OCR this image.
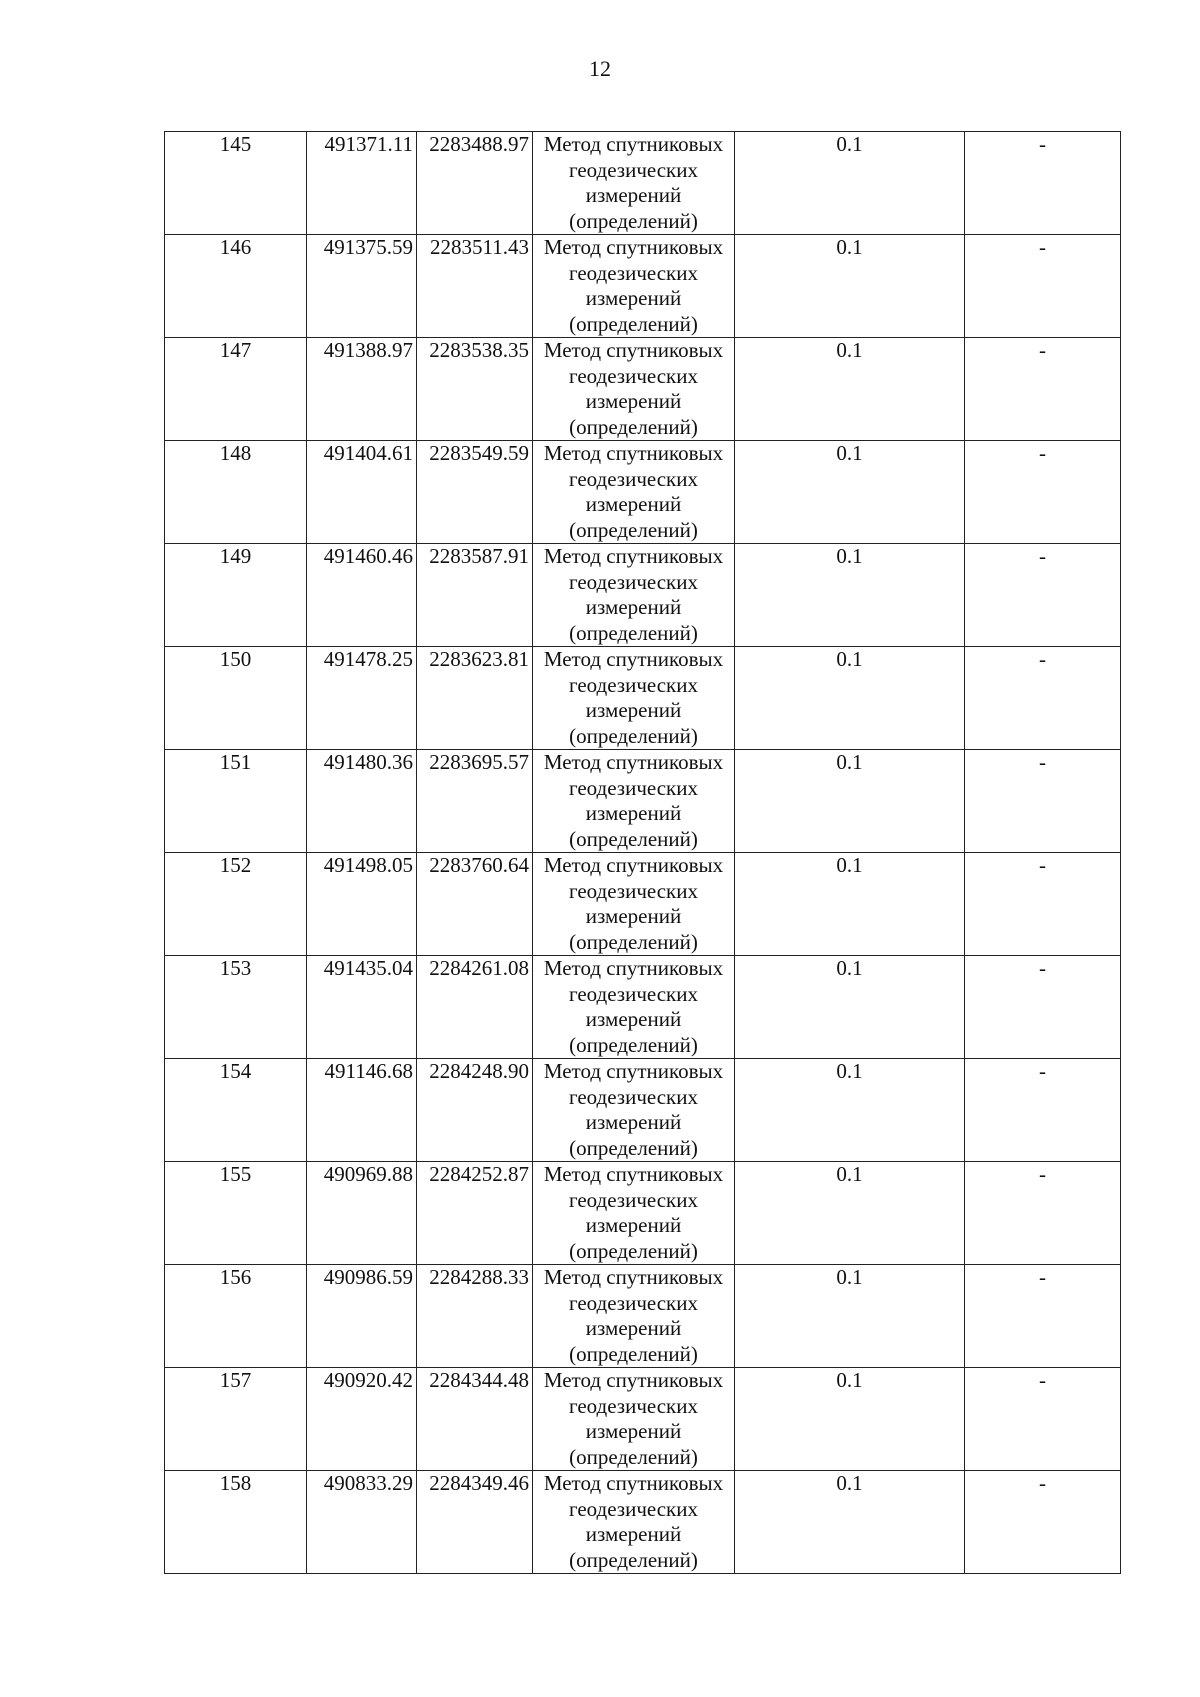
12
145	491371.11	2283488.97	Метод спутниковых геодезических измерений (определений)	0.1	-
146	491375.59	2283511.43	Метод спутниковых геодезических измерений (определений)	0.1	-
147	491388.97	2283538.35	Метод спутниковых геодезических измерений (определений)	0.1	-
148	491404.61	2283549.59	Метод спутниковых геодезических измерений (определений)	0.1	-
149	491460.46	2283587.91	Метод спутниковых геодезических измерений (определений)	0.1	-
150	491478.25	2283623.81	Метод спутниковых геодезических измерений (определений)	0.1	-
151	491480.36	2283695.57	Метод спутниковых геодезических измерений (определений)	0.1	-
152	491498.05	2283760.64	Метод спутниковых геодезических измерений (определений)	0.1	-
153	491435.04	2284261.08	Метод спутниковых геодезических измерений (определений)	0.1	-
154	491146.68	2284248.90	Метод спутниковых геодезических измерений (определений)	0.1	-
155	490969.88	2284252.87	Метод спутниковых геодезических измерений (определений)	0.1	-
156	490986.59	2284288.33	Метод спутниковых геодезических измерений (определений)	0.1	-
157	490920.42	2284344.48	Метод спутниковых геодезических измерений (определений)	0.1	-
158	490833.29	2284349.46	Метод спутниковых геодезических измерений (определений)	0.1	-
